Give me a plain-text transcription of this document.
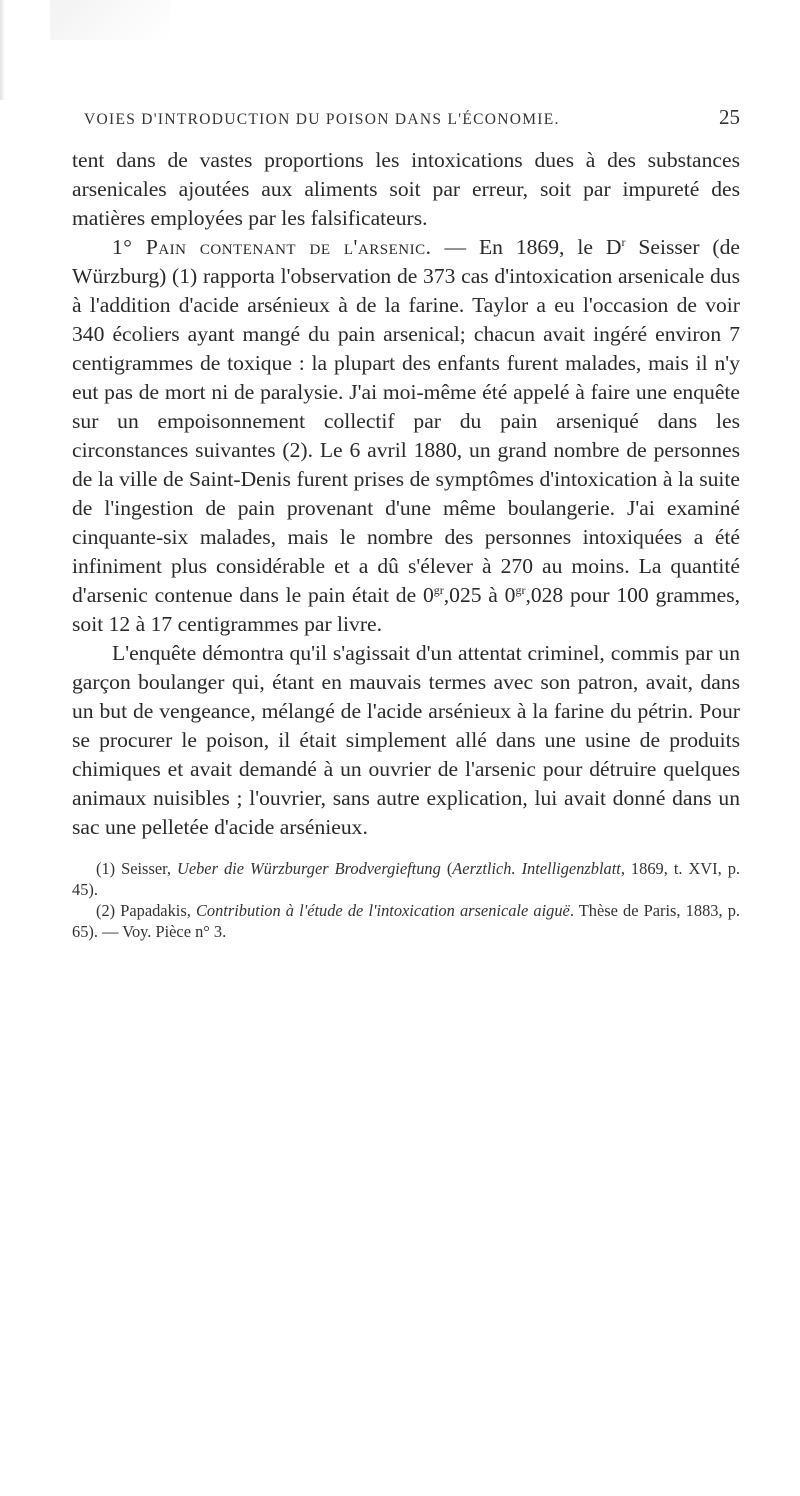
VOIES D'INTRODUCTION DU POISON DANS L'ÉCONOMIE.	25

tent dans de vastes proportions les intoxications dues à des substances arsenicales ajoutées aux aliments soit par erreur, soit par impureté des matières employées par les falsificateurs.

1° Pain contenant de l'arsenic. — En 1869, le $D^r$ Seisser (de Würzburg) (1) rapporta l'observation de 373 cas d'intoxication arsenicale dus à l'addition d'acide arsénieux à de la farine. Taylor a eu l'occasion de voir 340 écoliers ayant mangé du pain arsenical; chacun avait ingéré environ 7 centigrammes de toxique : la plupart des enfants furent malades, mais il n'y eut pas de mort ni de paralysie. J'ai moi-même été appelé à faire une enquête sur un empoisonnement collectif par du pain arseniqué dans les circonstances suivantes (2). Le 6 avril 1880, un grand nombre de personnes de la ville de Saint-Denis furent prises de symptômes d'intoxication à la suite de l'ingestion de pain provenant d'une même boulangerie. J'ai examiné cinquante-six malades, mais le nombre des personnes intoxiquées a été infiniment plus considérable et a dû s'élever à 270 au moins. La quantité d'arsenic contenue dans le pain était de $0^{gr},025$ à $0^{gr},028$ pour 100 grammes, soit 12 à 17 centigrammes par livre.

L'enquête démontra qu'il s'agissait d'un attentat criminel, commis par un garçon boulanger qui, étant en mauvais termes avec son patron, avait, dans un but de vengeance, mélangé de l'acide arsénieux à la farine du pétrin. Pour se procurer le poison, il était simplement allé dans une usine de produits chimiques et avait demandé à un ouvrier de l'arsenic pour détruire quelques animaux nuisibles ; l'ouvrier, sans autre explication, lui avait donné dans un sac une pelletée d'acide arsénieux.

(1) Seisser, Ueber die Würzburger Brodvergieftung (Aerztlich. Intelligenzblatt, 1869, t. XVI, p. 45).

(2) Papadakis, Contribution à l'étude de l'intoxication arsenicale aiguë. Thèse de Paris, 1883, p. 65). — Voy. Pièce n° 3.
